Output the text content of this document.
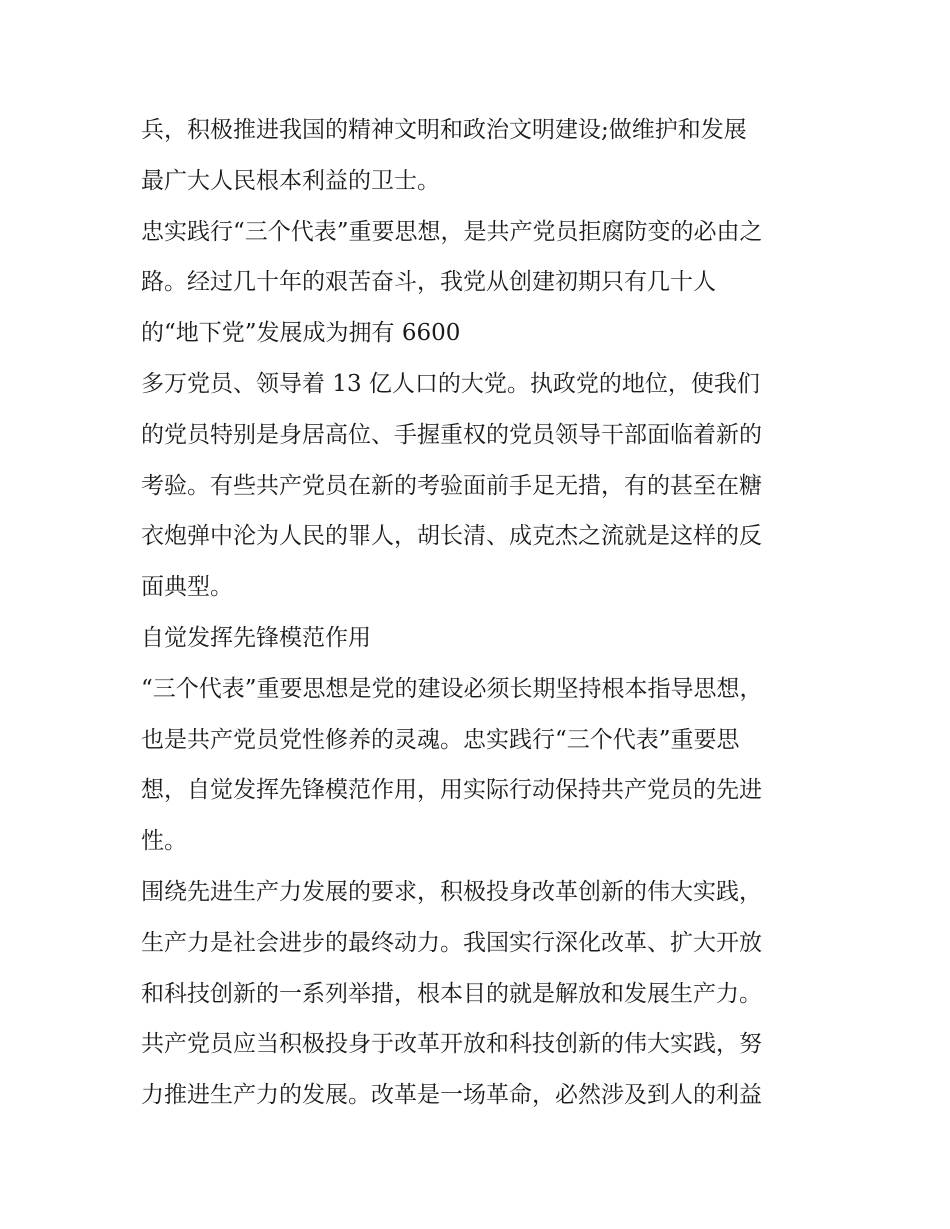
兵，积极推进我国的精神文明和政治文明建设;做维护和发展
最广大人民根本利益的卫士。
忠实践行“三个代表”重要思想，是共产党员拒腐防变的必由之
路。经过几十年的艰苦奋斗，我党从创建初期只有几十人
的“地下党”发展成为拥有 6600
多万党员、领导着 13 亿人口的大党。执政党的地位，使我们
的党员特别是身居高位、手握重权的党员领导干部面临着新的
考验。有些共产党员在新的考验面前手足无措，有的甚至在糖
衣炮弹中沦为人民的罪人，胡长清、成克杰之流就是这样的反
面典型。
自觉发挥先锋模范作用
“三个代表”重要思想是党的建设必须长期坚持根本指导思想，
也是共产党员党性修养的灵魂。忠实践行“三个代表”重要思
想，自觉发挥先锋模范作用，用实际行动保持共产党员的先进
性。
围绕先进生产力发展的要求，积极投身改革创新的伟大实践，
生产力是社会进步的最终动力。我国实行深化改革、扩大开放
和科技创新的一系列举措，根本目的就是解放和发展生产力。
共产党员应当积极投身于改革开放和科技创新的伟大实践，努
力推进生产力的发展。改革是一场革命，必然涉及到人的利益
